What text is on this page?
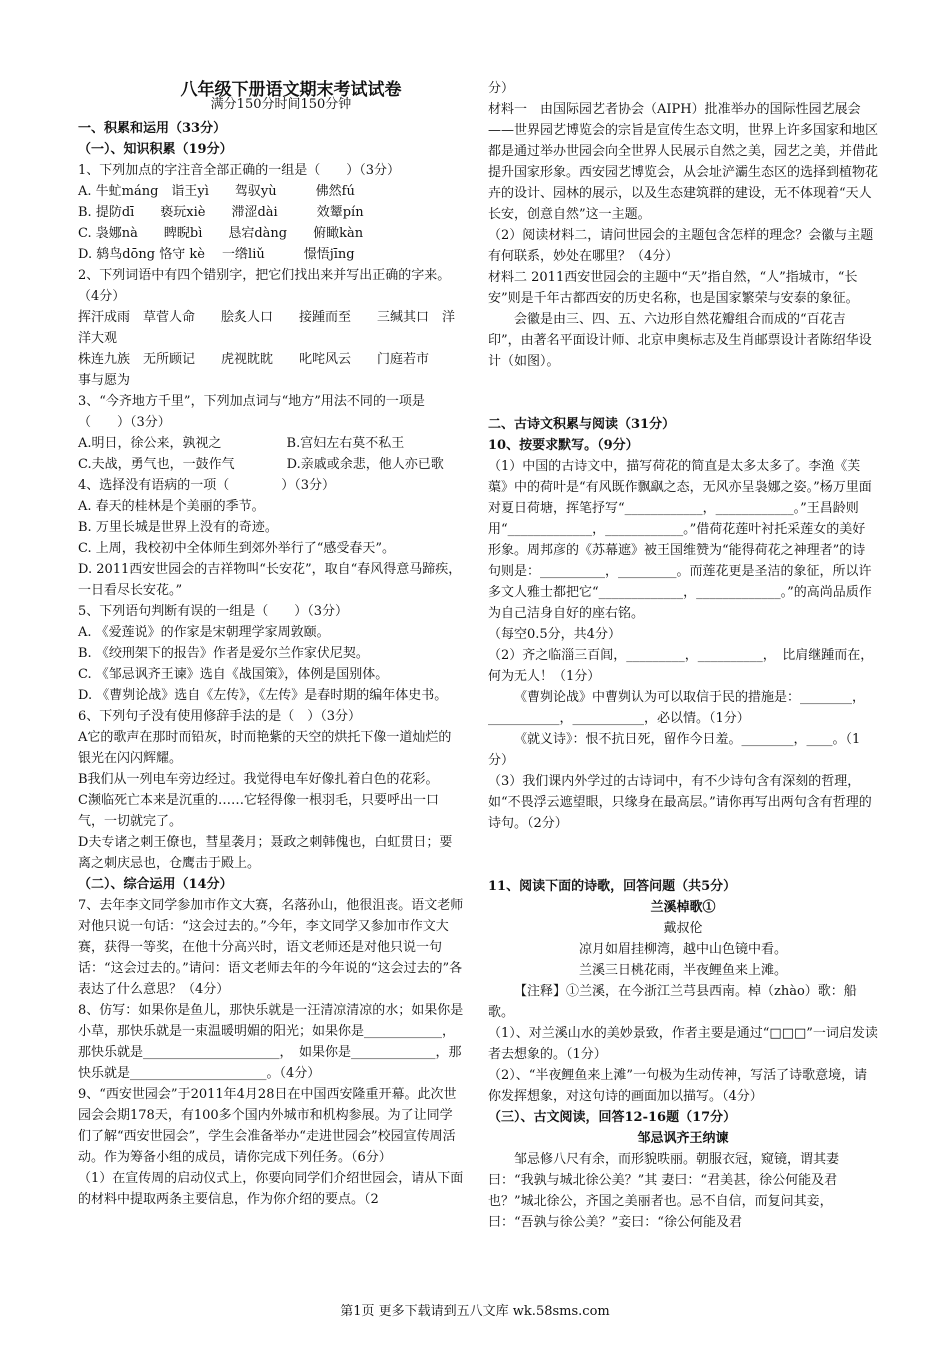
八年级下册语文期末考试试卷
满分150分时间150分钟

一、积累和运用（33分）

（一）、知识积累（19分）

1、下列加点的字注音全部正确的一组是（　　）（3分）

A. 牛虻máng　诣王yì　　驾驭yù　　　佛然fú

B. 提防dī　　亵玩xiè　　滞涩dài　　　效颦pín

C. 袅娜nà　　睥睨bì　　恳宕dàng　　俯瞰kàn

D. 鸫鸟dōng 恪守 kè　 一绺liǔ　　　憬悟jīng

2、下列词语中有四个错别字，把它们找出来并写出正确的字来。（4分）

挥汗成雨　草菅人命　　脍炙人口　　接踵而至　　三缄其口　洋洋大观

株连九族　无所顾记　　虎视眈眈　　叱咤风云　　门庭若市　　事与愿为

3、“今齐地方千里”，下列加点词与“地方”用法不同的一项是（　　）（3分）

A.明日，徐公来，孰视之　　　　　B.宫妇左右莫不私王

C.夫战，勇气也，一鼓作气　　　　D.亲戚或余悲，他人亦已歌

4、选择没有语病的一项（　　　　）（3分）

A. 春天的桂林是个美丽的季节。

B. 万里长城是世界上没有的奇迹。

C. 上周，我校初中全体师生到郊外举行了“感受春天”。

D. 2011西安世园会的吉祥物叫“长安花”，取自“春风得意马蹄疾，一日看尽长安花。”

5、下列语句判断有误的一组是（　　）（3分）

A. 《爱莲说》的作家是宋朝理学家周敦颐。

B. 《绞刑架下的报告》作者是爱尔兰作家伏尼契。

C. 《邹忌讽齐王谏》选自《战国策》，体例是国别体。

D. 《曹刿论战》选自《左传》，《左传》是春时期的编年体史书。

6、下列句子没有使用修辞手法的是（　）（3分）

A它的歌声在那时而铅灰，时而艳紫的天空的烘托下像一道灿烂的银光在闪闪辉耀。

B我们从一列电车旁边经过。我觉得电车好像扎着白色的花彩。

C濒临死亡本来是沉重的……它轻得像一根羽毛，只要呼出一口气，一切就完了。

D夫专诸之刺王僚也，彗星袭月；聂政之刺韩傀也，白虹贯日；要离之刺庆忌也，仓鹰击于殿上。

（二）、综合运用（14分）

7、去年李文同学参加市作文大赛，名落孙山，他很沮丧。语文老师对他只说一句话：“这会过去的。”今年，李文同学又参加市作文大赛，获得一等奖，在他十分高兴时，语文老师还是对他只说一句话：“这会过去的。”请问：语文老师去年的今年说的“这会过去的”各表达了什么意思？（4分）

8、仿写：如果你是鱼儿，那快乐就是一汪清凉清凉的水；如果你是小草，那快乐就是一束温暖明媚的阳光；如果你是____________，那快乐就是_____________________，　如果你是_____________，那快乐就是_____________________。（4分）

9、“西安世园会”于2011年4月28日在中国西安隆重开幕。此次世园会会期178天，有100多个国内外城市和机构参展。为了让同学们了解“西安世园会”，学生会准备举办“走进世园会”校园宣传周活动。作为筹备小组的成员，请你完成下列任务。（6分）

（1）在宣传周的启动仪式上，你要向同学们介绍世园会，请从下面的材料中提取两条主要信息，作为你介绍的要点。（2

分）

材料一　由国际园艺者协会（AIPH）批准举办的国际性园艺展会——世界园艺博览会的宗旨是宣传生态文明，世界上许多国家和地区都是通过举办世园会向全世界人民展示自然之美，园艺之美，并借此提升国家形象。西安园艺博览会，从会址浐灞生态区的选择到植物花卉的设计、园林的展示，以及生态建筑群的建设，无不体现着“天人长安，创意自然”这一主题。

（2）阅读材料二，请问世园会的主题包含怎样的理念？会徽与主题有何联系，妙处在哪里？（4分）

材料二 2011西安世园会的主题中“天”指自然，“人”指城市，“长安”则是千年古都西安的历史名称，也是国家繁荣与安泰的象征。

会徽是由三、四、五、六边形自然花瓣组合而成的“百花吉印”，由著名平面设计师、北京申奥标志及生肖邮票设计者陈绍华设计（如图）。

二、古诗文积累与阅读（31分）

10、按要求默写。（9分）

（1）中国的古诗文中，描写荷花的简直是太多太多了。李渔《芙蕖》中的荷叶是“有风既作飘飖之态，无风亦呈袅娜之姿。”杨万里面对夏日荷塘，挥笔抒写“____________，____________。”王昌龄则用“_____________，____________。”借荷花莲叶衬托采莲女的美好形象。周邦彦的《苏幕遮》被王国维赞为“能得荷花之神理者”的诗句则是：__________，_________。而莲花更是圣洁的象征，所以许多文人雅士都把它“_____________，_____________。”的高尚品质作为自己洁身自好的座右铭。

（每空0.5分，共4分）

（2）齐之临淄三百闾，_________，__________，　比肩继踵而在，何为无人！（1分）

《曹刿论战》中曹刿认为可以取信于民的措施是：________，___________，___________，必以情。（1分）

《就义诗》：恨不抗日死，留作今日羞。________，____。（1分）

（3）我们课内外学过的古诗词中，有不少诗句含有深刻的哲理，如“不畏浮云遮望眼，只缘身在最高层。”请你再写出两句含有哲理的诗句。（2分）

11、阅读下面的诗歌，回答问题（共5分）

兰溪棹歌①

戴叔伦

凉月如眉挂柳湾，越中山色镜中看。

兰溪三日桃花雨，半夜鲤鱼来上滩。

【注释】①兰溪，在今浙江兰芎县西南。棹（zhào）歌：船歌。

（1）、对兰溪山水的美妙景致，作者主要是通过“□□□”一词启发读者去想象的。（1分）

（2）、“半夜鲤鱼来上滩”一句极为生动传神，写活了诗歌意境，请你发挥想象，对这句诗的画面加以描写。（4分）

（三）、古文阅读，回答12-16题（17分）

邹忌讽齐王纳谏

邹忌修八尺有余，而形貌昳丽。朝服衣冠，窥镜，谓其妻曰：“我孰与城北徐公美？”其 妻曰：“君美甚，徐公何能及君也？”城北徐公，齐国之美丽者也。忌不自信，而复问其妾，曰：“吾孰与徐公美？”妾曰：“徐公何能及君

第1页 更多下载请到五八文库 wk.58sms.com
